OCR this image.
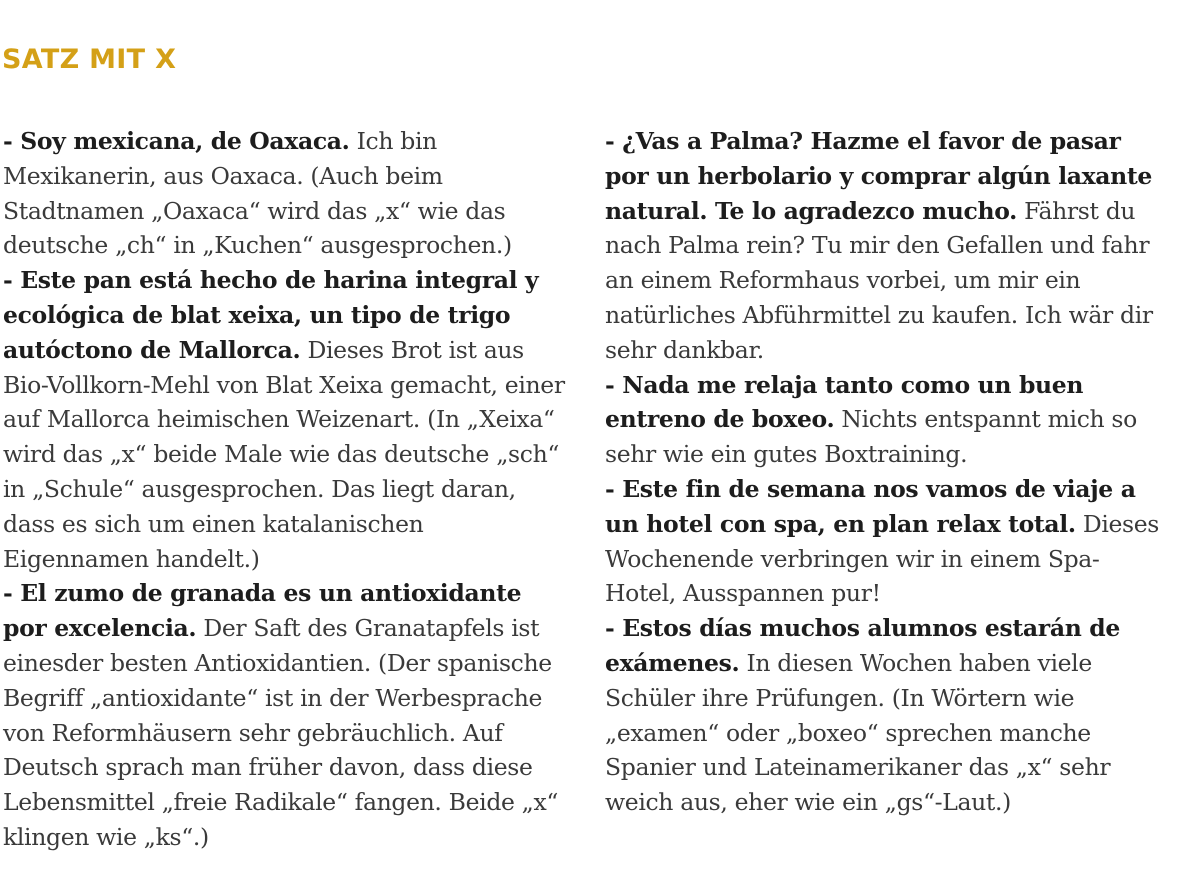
SATZ MIT X

- Soy mexicana, de Oaxaca. Ich bin Mexikanerin, aus Oaxaca. (Auch beim Stadtnamen „Oaxaca“ wird das „x“ wie das deutsche „ch“ in „Kuchen“ ausgesprochen.)

- Este pan está hecho de harina integral y ecológica de blat xeixa, un tipo de trigo autóctono de Mallorca. Dieses Brot ist aus Bio-Vollkorn-Mehl von Blat Xeixa gemacht, einer auf Mallorca heimischen Weizenart. (In „Xeixa“ wird das „x“ beide Male wie das deutsche „sch“ in „Schule“ ausgesprochen. Das liegt daran, dass es sich um einen katalanischen Eigennamen handelt.)

- El zumo de granada es un antioxidante por excelencia. Der Saft des Granatapfels ist einesder besten Antioxidantien. (Der spanische Begriff „antioxidante“ ist in der Werbesprache von Reformhäusern sehr gebräuchlich. Auf Deutsch sprach man früher davon, dass diese Lebensmittel „freie Radikale“ fangen. Beide „x“ klingen wie „ks“.)

- ¿Vas a Palma? Hazme el favor de pasar por un herbolario y comprar algún laxante natural. Te lo agradezco mucho. Fährst du nach Palma rein? Tu mir den Gefallen und fahr an einem Reformhaus vorbei, um mir ein natürliches Abführmittel zu kaufen. Ich wär dir sehr dankbar.

- Nada me relaja tanto como un buen entreno de boxeo. Nichts entspannt mich so sehr wie ein gutes Boxtraining.

- Este fin de semana nos vamos de viaje a un hotel con spa, en plan relax total. Dieses Wochenende verbringen wir in einem Spa-Hotel, Ausspannen pur!

- Estos días muchos alumnos estarán de exámenes. In diesen Wochen haben viele Schüler ihre Prüfungen. (In Wörtern wie „examen“ oder „boxeo“ sprechen manche Spanier und Lateinamerikaner das „x“ sehr weich aus, eher wie ein „gs“-Laut.)
